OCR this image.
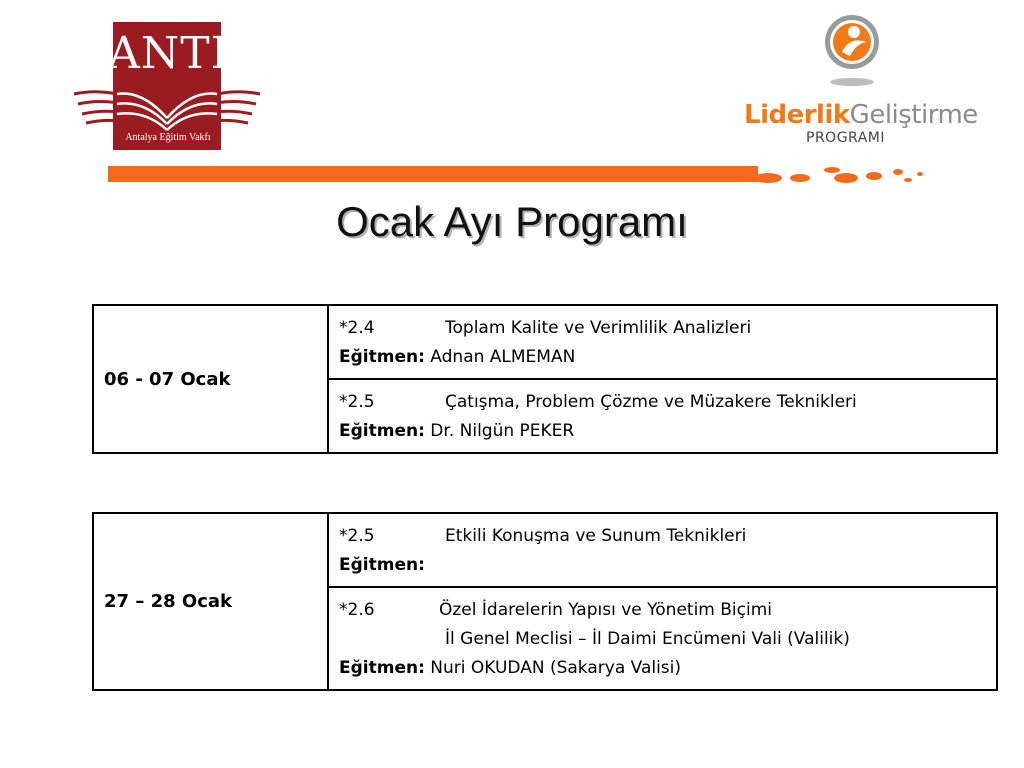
ANTEV
Antalya Eğitim Vakfı
LiderlikGeliştirme
PROGRAMI
Ocak Ayı Programı
06 - 07 Ocak	*2.4	Toplam Kalite ve Verimlilik Analizleri
Eğitmen: Adnan ALMEMAN
*2.5	Çatışma, Problem Çözme ve Müzakere Teknikleri
Eğitmen: Dr. Nilgün PEKER
27 – 28 Ocak	*2.5	Etkili Konuşma ve Sunum Teknikleri
Eğitmen:
*2.6	Özel İdarelerin Yapısı ve Yönetim Biçimi

İl Genel Meclisi – İl Daimi Encümeni Vali (Valilik)
Eğitmen: Nuri OKUDAN (Sakarya Valisi)
